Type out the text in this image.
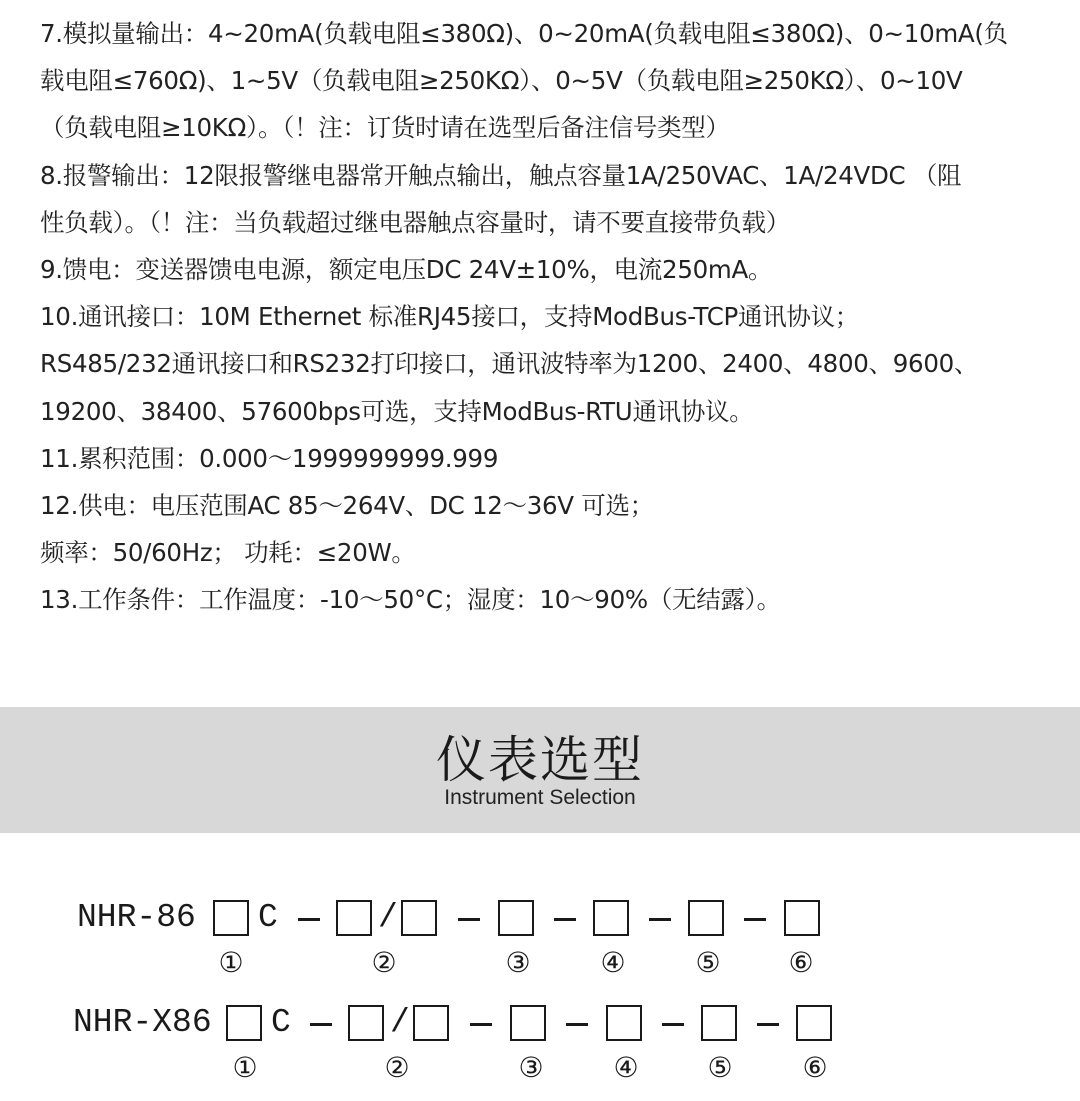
7.模拟量输出：4~20mA(负载电阻≤380Ω)、0~20mA(负载电阻≤380Ω)、0~10mA(负
载电阻≤760Ω)、1~5V（负载电阻≥250KΩ）、0~5V（负载电阻≥250KΩ）、0~10V
（负载电阻≥10KΩ）。（！注：订货时请在选型后备注信号类型）
8.报警输出：12限报警继电器常开触点输出，触点容量1A/250VAC、1A/24VDC （阻
性负载）。（！注：当负载超过继电器触点容量时，请不要直接带负载）
9.馈电：变送器馈电电源，额定电压DC 24V±10%，电流250mA。
10.通讯接口：10M Ethernet 标准RJ45接口，支持ModBus-TCP通讯协议；
RS485/232通讯接口和RS232打印接口，通讯波特率为1200、2400、4800、9600、
19200、38400、57600bps可选，支持ModBus-RTU通讯协议。
11.累积范围：0.000～1999999999.999
12.供电：电压范围AC 85～264V、DC 12～36V 可选；
频率：50/60Hz； 功耗：≤20W。
13.工作条件：工作温度：-10～50°C；湿度：10～90%（无结露）。
仪表选型
Instrument Selection
NHR-86 C	/
①	②	③ ④ ⑤ ⑥
NHR-X86 C	/
①	②	③ ④ ⑤ ⑥
